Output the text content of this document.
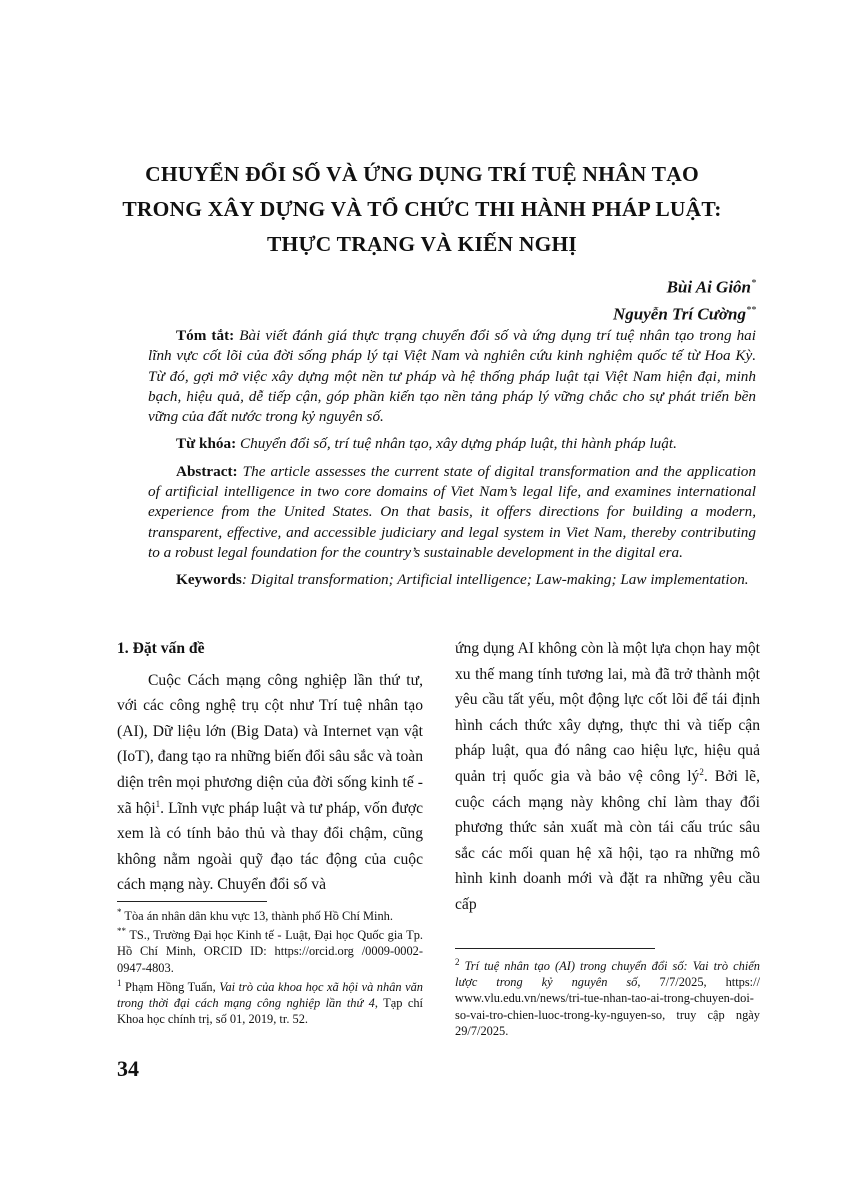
CHUYỂN ĐỔI SỐ VÀ ỨNG DỤNG TRÍ TUỆ NHÂN TẠO
TRONG XÂY DỰNG VÀ TỔ CHỨC THI HÀNH PHÁP LUẬT:
THỰC TRẠNG VÀ KIẾN NGHỊ
Bùi Ai Giôn*
Nguyễn Trí Cường**

Tóm tắt: Bài viết đánh giá thực trạng chuyển đổi số và ứng dụng trí tuệ nhân tạo trong hai lĩnh vực cốt lõi của đời sống pháp lý tại Việt Nam và nghiên cứu kinh nghiệm quốc tế từ Hoa Kỳ. Từ đó, gợi mở việc xây dựng một nền tư pháp và hệ thống pháp luật tại Việt Nam hiện đại, minh bạch, hiệu quả, dễ tiếp cận, góp phần kiến tạo nền tảng pháp lý vững chắc cho sự phát triển bền vững của đất nước trong kỷ nguyên số.

Từ khóa: Chuyển đổi số, trí tuệ nhân tạo, xây dựng pháp luật, thi hành pháp luật.

Abstract: The article assesses the current state of digital transformation and the application of artificial intelligence in two core domains of Viet Nam’s legal life, and examines international experience from the United States. On that basis, it offers directions for building a modern, transparent, effective, and accessible judiciary and legal system in Viet Nam, thereby contributing to a robust legal foundation for the country’s sustainable development in the digital era.

Keywords: Digital transformation; Artificial intelligence; Law-making; Law implementation.

1. Đặt vấn đề

Cuộc Cách mạng công nghiệp lần thứ tư, với các công nghệ trụ cột như Trí tuệ nhân tạo (AI), Dữ liệu lớn (Big Data) và Internet vạn vật (IoT), đang tạo ra những biến đổi sâu sắc và toàn diện trên mọi phương diện của đời sống kinh tế - xã hội$^1$. Lĩnh vực pháp luật và tư pháp, vốn được xem là có tính bảo thủ và thay đổi chậm, cũng không nằm ngoài quỹ đạo tác động của cuộc cách mạng này. Chuyển đổi số và

ứng dụng AI không còn là một lựa chọn hay một xu thế mang tính tương lai, mà đã trở thành một yêu cầu tất yếu, một động lực cốt lõi để tái định hình cách thức xây dựng, thực thi và tiếp cận pháp luật, qua đó nâng cao hiệu lực, hiệu quả quản trị quốc gia và bảo vệ công lý$^2$. Bởi lẽ, cuộc cách mạng này không chỉ làm thay đổi phương thức sản xuất mà còn tái cấu trúc sâu sắc các mối quan hệ xã hội, tạo ra những mô hình kinh doanh mới và đặt ra những yêu cầu cấp

* Tòa án nhân dân khu vực 13, thành phố Hồ Chí Minh.

** TS., Trường Đại học Kinh tế - Luật, Đại học Quốc gia Tp. Hồ Chí Minh, ORCID ID: https://orcid.org /0009-0002-0947-4803.

$^1$ Phạm Hồng Tuấn, Vai trò của khoa học xã hội và nhân văn trong thời đại cách mạng công nghiệp lần thứ 4, Tạp chí Khoa học chính trị, số 01, 2019, tr. 52.

$^2$ Trí tuệ nhân tạo (AI) trong chuyển đổi số: Vai trò chiến lược trong kỷ nguyên số, 7/7/2025, https:// www.vlu.edu.vn/news/tri-tue-nhan-tao-ai-trong-chuyen-doi-so-vai-tro-chien-luoc-trong-ky-nguyen-so, truy cập ngày 29/7/2025.

34
